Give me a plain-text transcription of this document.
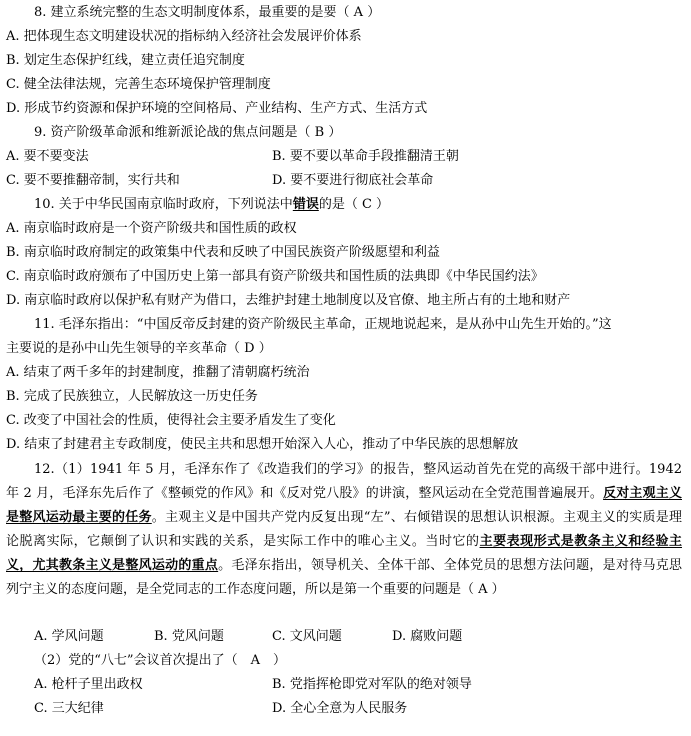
8. 建立系统完整的生态文明制度体系，最重要的是要（ A ）
A. 把体现生态文明建设状况的指标纳入经济社会发展评价体系
B. 划定生态保护红线，建立责任追究制度
C. 健全法律法规，完善生态环境保护管理制度
D. 形成节约资源和保护环境的空间格局、产业结构、生产方式、生活方式
9. 资产阶级革命派和维新派论战的焦点问题是（ B ）
A. 要不要变法	B. 要不要以革命手段推翻清王朝
C. 要不要推翻帝制，实行共和	D. 要不要进行彻底社会革命
10. 关于中华民国南京临时政府，下列说法中错误的是（ C ）
A. 南京临时政府是一个资产阶级共和国性质的政权
B. 南京临时政府制定的政策集中代表和反映了中国民族资产阶级愿望和利益
C. 南京临时政府颁布了中国历史上第一部具有资产阶级共和国性质的法典即《中华民国约法》
D. 南京临时政府以保护私有财产为借口，去维护封建土地制度以及官僚、地主所占有的土地和财产
11. 毛泽东指出：“中国反帝反封建的资产阶级民主革命，正规地说起来，是从孙中山先生开始的。”这
主要说的是孙中山先生领导的辛亥革命（ D ）
A. 结束了两千多年的封建制度，推翻了清朝腐朽统治
B. 完成了民族独立，人民解放这一历史任务
C. 改变了中国社会的性质，使得社会主要矛盾发生了变化
D. 结束了封建君主专政制度，使民主共和思想开始深入人心，推动了中华民族的思想解放
12.（1）1941 年 5 月，毛泽东作了《改造我们的学习》的报告，整风运动首先在党的高级干部中进行。1942 年 2 月，毛泽东先后作了《整顿党的作风》和《反对党八股》的讲演，整风运动在全党范围普遍展开。反对主观主义是整风运动最主要的任务。主观主义是中国共产党内反复出现“左”、右倾错误的思想认识根源。主观主义的实质是理论脱离实际，它颠倒了认识和实践的关系，是实际工作中的唯心主义。当时它的主要表现形式是教条主义和经验主义，尤其教条主义是整风运动的重点。毛泽东指出，领导机关、全体干部、全体党员的思想方法问题，是对待马克思列宁主义的态度问题，是全党同志的工作态度问题，所以是第一个重要的问题是（ A ）
A. 学风问题	B. 党风问题	C. 文风问题	D. 腐败问题
（2）党的“八七”会议首次提出了（　A　）
A. 枪杆子里出政权	B. 党指挥枪即党对军队的绝对领导
C. 三大纪律	D. 全心全意为人民服务
